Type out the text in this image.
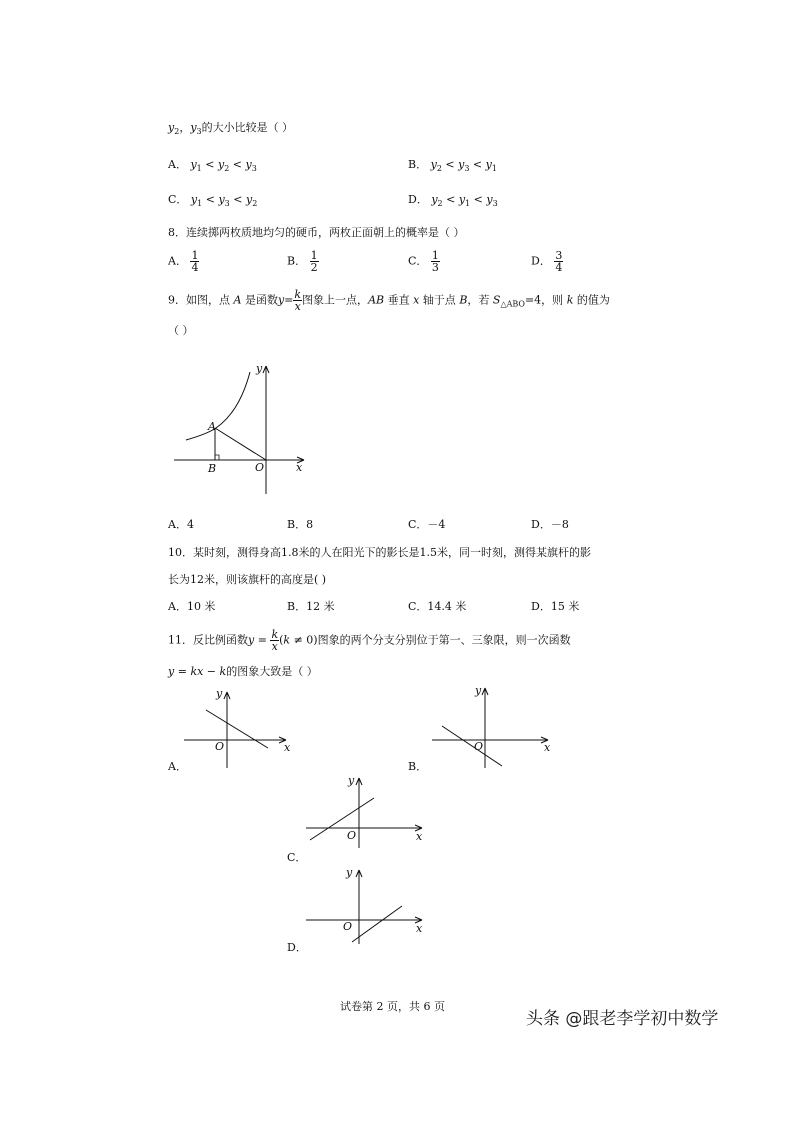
$y_2$，$y_3$的大小比较是（ ）
A． $y_1 < y_2 < y_3$	B． $y_2 < y_3 < y_1$
C． $y_1 < y_3 < y_2$	D． $y_2 < y_1 < y_3$
8．连续掷两枚质地均匀的硬币，两枚正面朝上的概率是（ ）
A． $\frac{1}{4}$	B． $\frac{1}{2}$	C． $\frac{1}{3}$	D． $\frac{3}{4}$
9．如图，点 A 是函数$y= \frac{k}{x}$ 图象上一点，AB 垂直 x 轴于点 B，若 $S_{\triangle ABO}=4$，则 k 的值为
（ ）
y
x
O
A
B
A．4	B．8	C．－4	D．－8
10．某时刻，测得身高1.8米的人在阳光下的影长是1.5米，同一时刻，测得某旗杆的影
长为12米，则该旗杆的高度是( )
A．10 米	B．12 米	C．14.4 米	D．15 米
11．反比例函数$y = \frac{k}{x} (k \ne 0)$图象的两个分支分别位于第一、三象限，则一次函数
y = kx − k的图象大致是（ ）
y
x
O
A．
y
x
O
B．
y
x
O
C．
y
x
O
D．
试卷第 2 页，共 6 页
头条 @跟老李学初中数学
